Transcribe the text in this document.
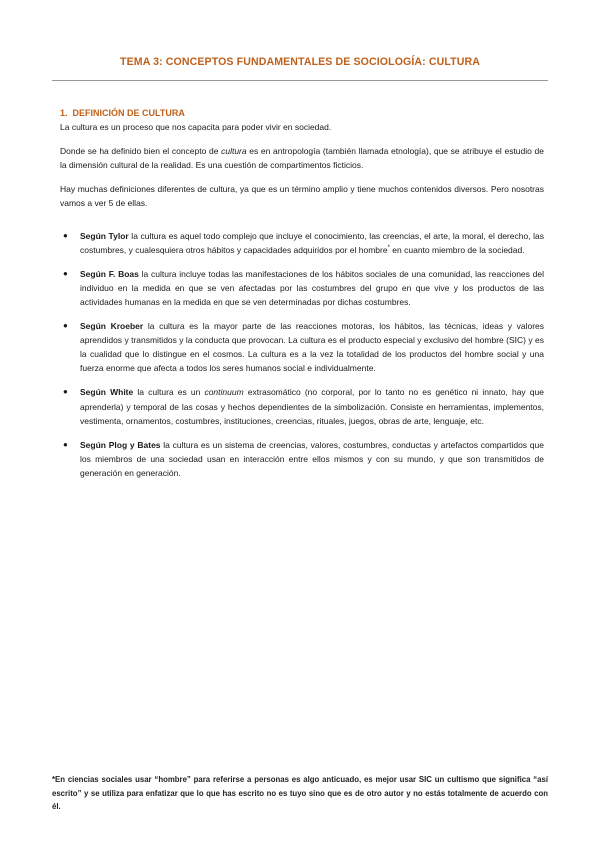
TEMA 3: CONCEPTOS FUNDAMENTALES DE SOCIOLOGÍA: CULTURA
1. DEFINICIÓN DE CULTURA

La cultura es un proceso que nos capacita para poder vivir en sociedad.

Donde se ha definido bien el concepto de cultura es en antropología (también llamada etnología), que se atribuye el estudio de la dimensión cultural de la realidad. Es una cuestión de compartimentos ficticios.

Hay muchas definiciones diferentes de cultura, ya que es un término amplio y tiene muchos contenidos diversos. Pero nosotras vamos a ver 5 de ellas.

● Según Tylor la cultura es aquel todo complejo que incluye el conocimiento, las creencias, el arte, la moral, el derecho, las costumbres, y cualesquiera otros hábitos y capacidades adquiridos por el hombre* en cuanto miembro de la sociedad.
● Según F. Boas la cultura incluye todas las manifestaciones de los hábitos sociales de una comunidad, las reacciones del individuo en la medida en que se ven afectadas por las costumbres del grupo en que vive y los productos de las actividades humanas en la medida en que se ven determinadas por dichas costumbres.
● Según Kroeber la cultura es la mayor parte de las reacciones motoras, los hábitos, las técnicas, ideas y valores aprendidos y transmitidos y la conducta que provocan. La cultura es el producto especial y exclusivo del hombre (SIC) y es la cualidad que lo distingue en el cosmos. La cultura es a la vez la totalidad de los productos del hombre social y una fuerza enorme que afecta a todos los seres humanos social e individualmente.
● Según White la cultura es un continuum extrasomático (no corporal, por lo tanto no es genético ni innato, hay que aprenderla) y temporal de las cosas y hechos dependientes de la simbolización. Consiste en herramientas, implementos, vestimenta, ornamentos, costumbres, instituciones, creencias, rituales, juegos, obras de arte, lenguaje, etc.
● Según Plog y Bates la cultura es un sistema de creencias, valores, costumbres, conductas y artefactos compartidos que los miembros de una sociedad usan en interacción entre ellos mismos y con su mundo, y que son transmitidos de generación en generación.
*En ciencias sociales usar “hombre” para referirse a personas es algo anticuado, es mejor usar SIC un cultismo que significa “así escrito” y se utiliza para enfatizar que lo que has escrito no es tuyo sino que es de otro autor y no estás totalmente de acuerdo con él.
